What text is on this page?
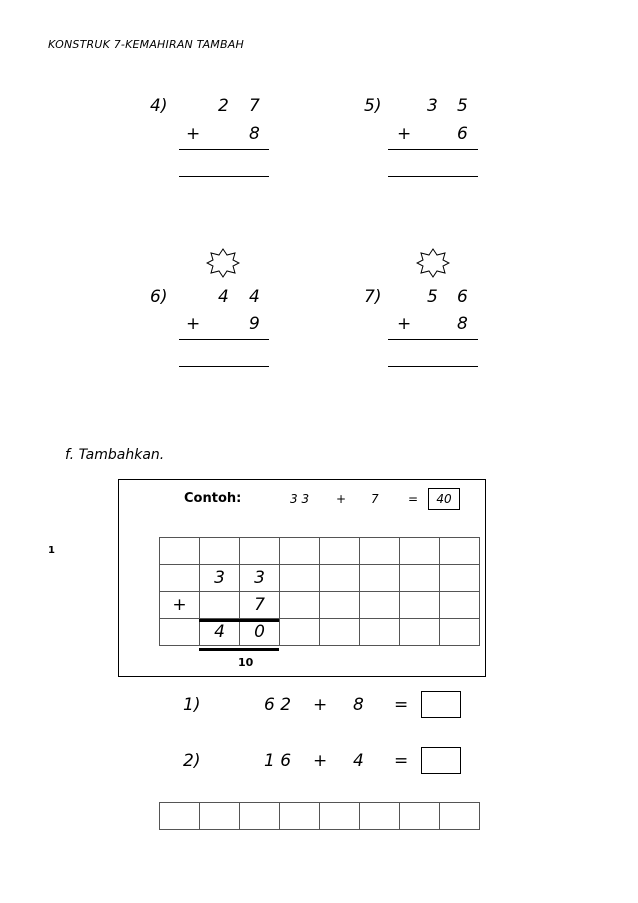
KONSTRUK 7-KEMAHIRAN TAMBAH
4)	2 7
+	8
5)	3 5
+	6
6)	4 4
+	9
7)	5 6
+	8
f. Tambahkan.
1
Contoh:	3 3 + 7 =	40

	3	3					
+		7					
	4	0					
10
1)	6 2 + 8 =
2)	1 6 + 4 =
